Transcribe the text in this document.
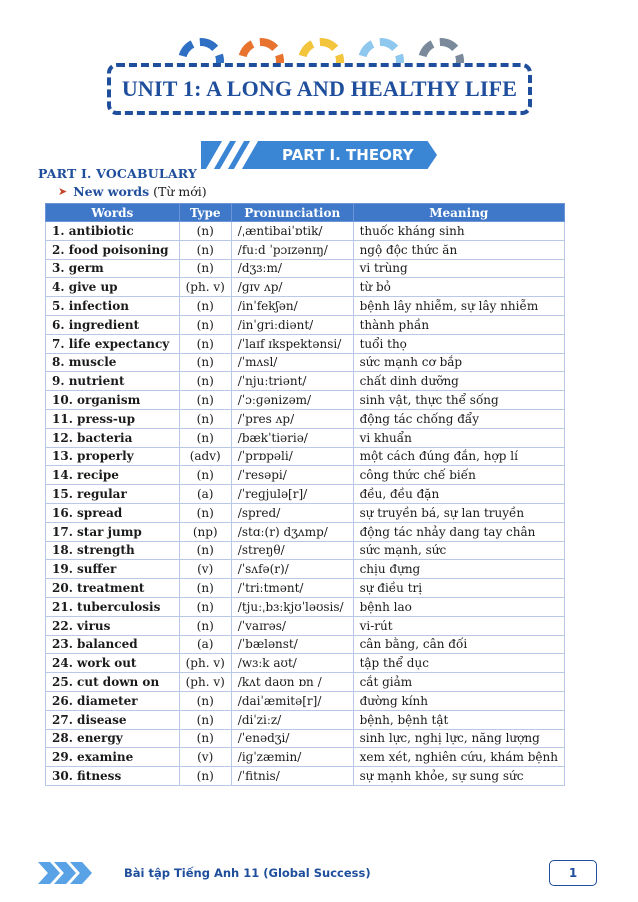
UNIT 1: A LONG AND HEALTHY LIFE
PART I. THEORY
PART I. VOCABULARY
➤ New words (Từ mới)
Words	Type	Pronunciation	Meaning
1. antibiotic	(n)	/ˌæntibaiˈɒtik/	thuốc kháng sinh
2. food poisoning	(n)	/fuːd ˈpɔɪzənɪŋ/	ngộ độc thức ăn
3. germ	(n)	/dʒɜːm/	vi trùng
4. give up	(ph. v)	/ɡɪv ʌp/	từ bỏ
5. infection	(n)	/inˈfekʃən/	bệnh lây nhiễm, sự lây nhiễm
6. ingredient	(n)	/inˈɡriːdiənt/	thành phần
7. life expectancy	(n)	/ˈlaɪf ɪkspektənsi/	tuổi thọ
8. muscle	(n)	/ˈmʌsl/	sức mạnh cơ bắp
9. nutrient	(n)	/ˈnjuːtriənt/	chất dinh dưỡng
10. organism	(n)	/ˈɔːɡənizəm/	sinh vật, thực thể sống
11. press-up	(n)	/ˈpres ʌp/	động tác chống đẩy
12. bacteria	(n)	/bækˈtiəriə/	vi khuẩn
13. properly	(adv)	/ˈprɒpəli/	một cách đúng đắn, hợp lí
14. recipe	(n)	/ˈresəpi/	công thức chế biến
15. regular	(a)	/ˈreɡjulə[r]/	đều, đều đặn
16. spread	(n)	/spred/	sự truyền bá, sự lan truyền
17. star jump	(np)	/stɑː(r) dʒʌmp/	động tác nhảy dang tay chân
18. strength	(n)	/streŋθ/	sức mạnh, sức
19. suffer	(v)	/ˈsʌfə(r)/	chịu đựng
20. treatment	(n)	/ˈtriːtmənt/	sự điều trị
21. tuberculosis	(n)	/tjuːˌbɜːkjʊˈləʊsis/	bệnh lao
22. virus	(n)	/ˈvaɪrəs/	vi-rút
23. balanced	(a)	/ˈbælənst/	cân bằng, cân đối
24. work out	(ph. v)	/wɜːk aʊt/	tập thể dục
25. cut down on	(ph. v)	/kʌt daʊn ɒn /	cắt giảm
26. diameter	(n)	/daiˈæmitə[r]/	đường kính
27. disease	(n)	/diˈziːz/	bệnh, bệnh tật
28. energy	(n)	/ˈenədʒi/	sinh lực, nghị lực, năng lượng
29. examine	(v)	/iɡˈzæmin/	xem xét, nghiên cứu, khám bệnh
30. fitness	(n)	/ˈfitnis/	sự mạnh khỏe, sự sung sức
Bài tập Tiếng Anh 11 (Global Success)	1
